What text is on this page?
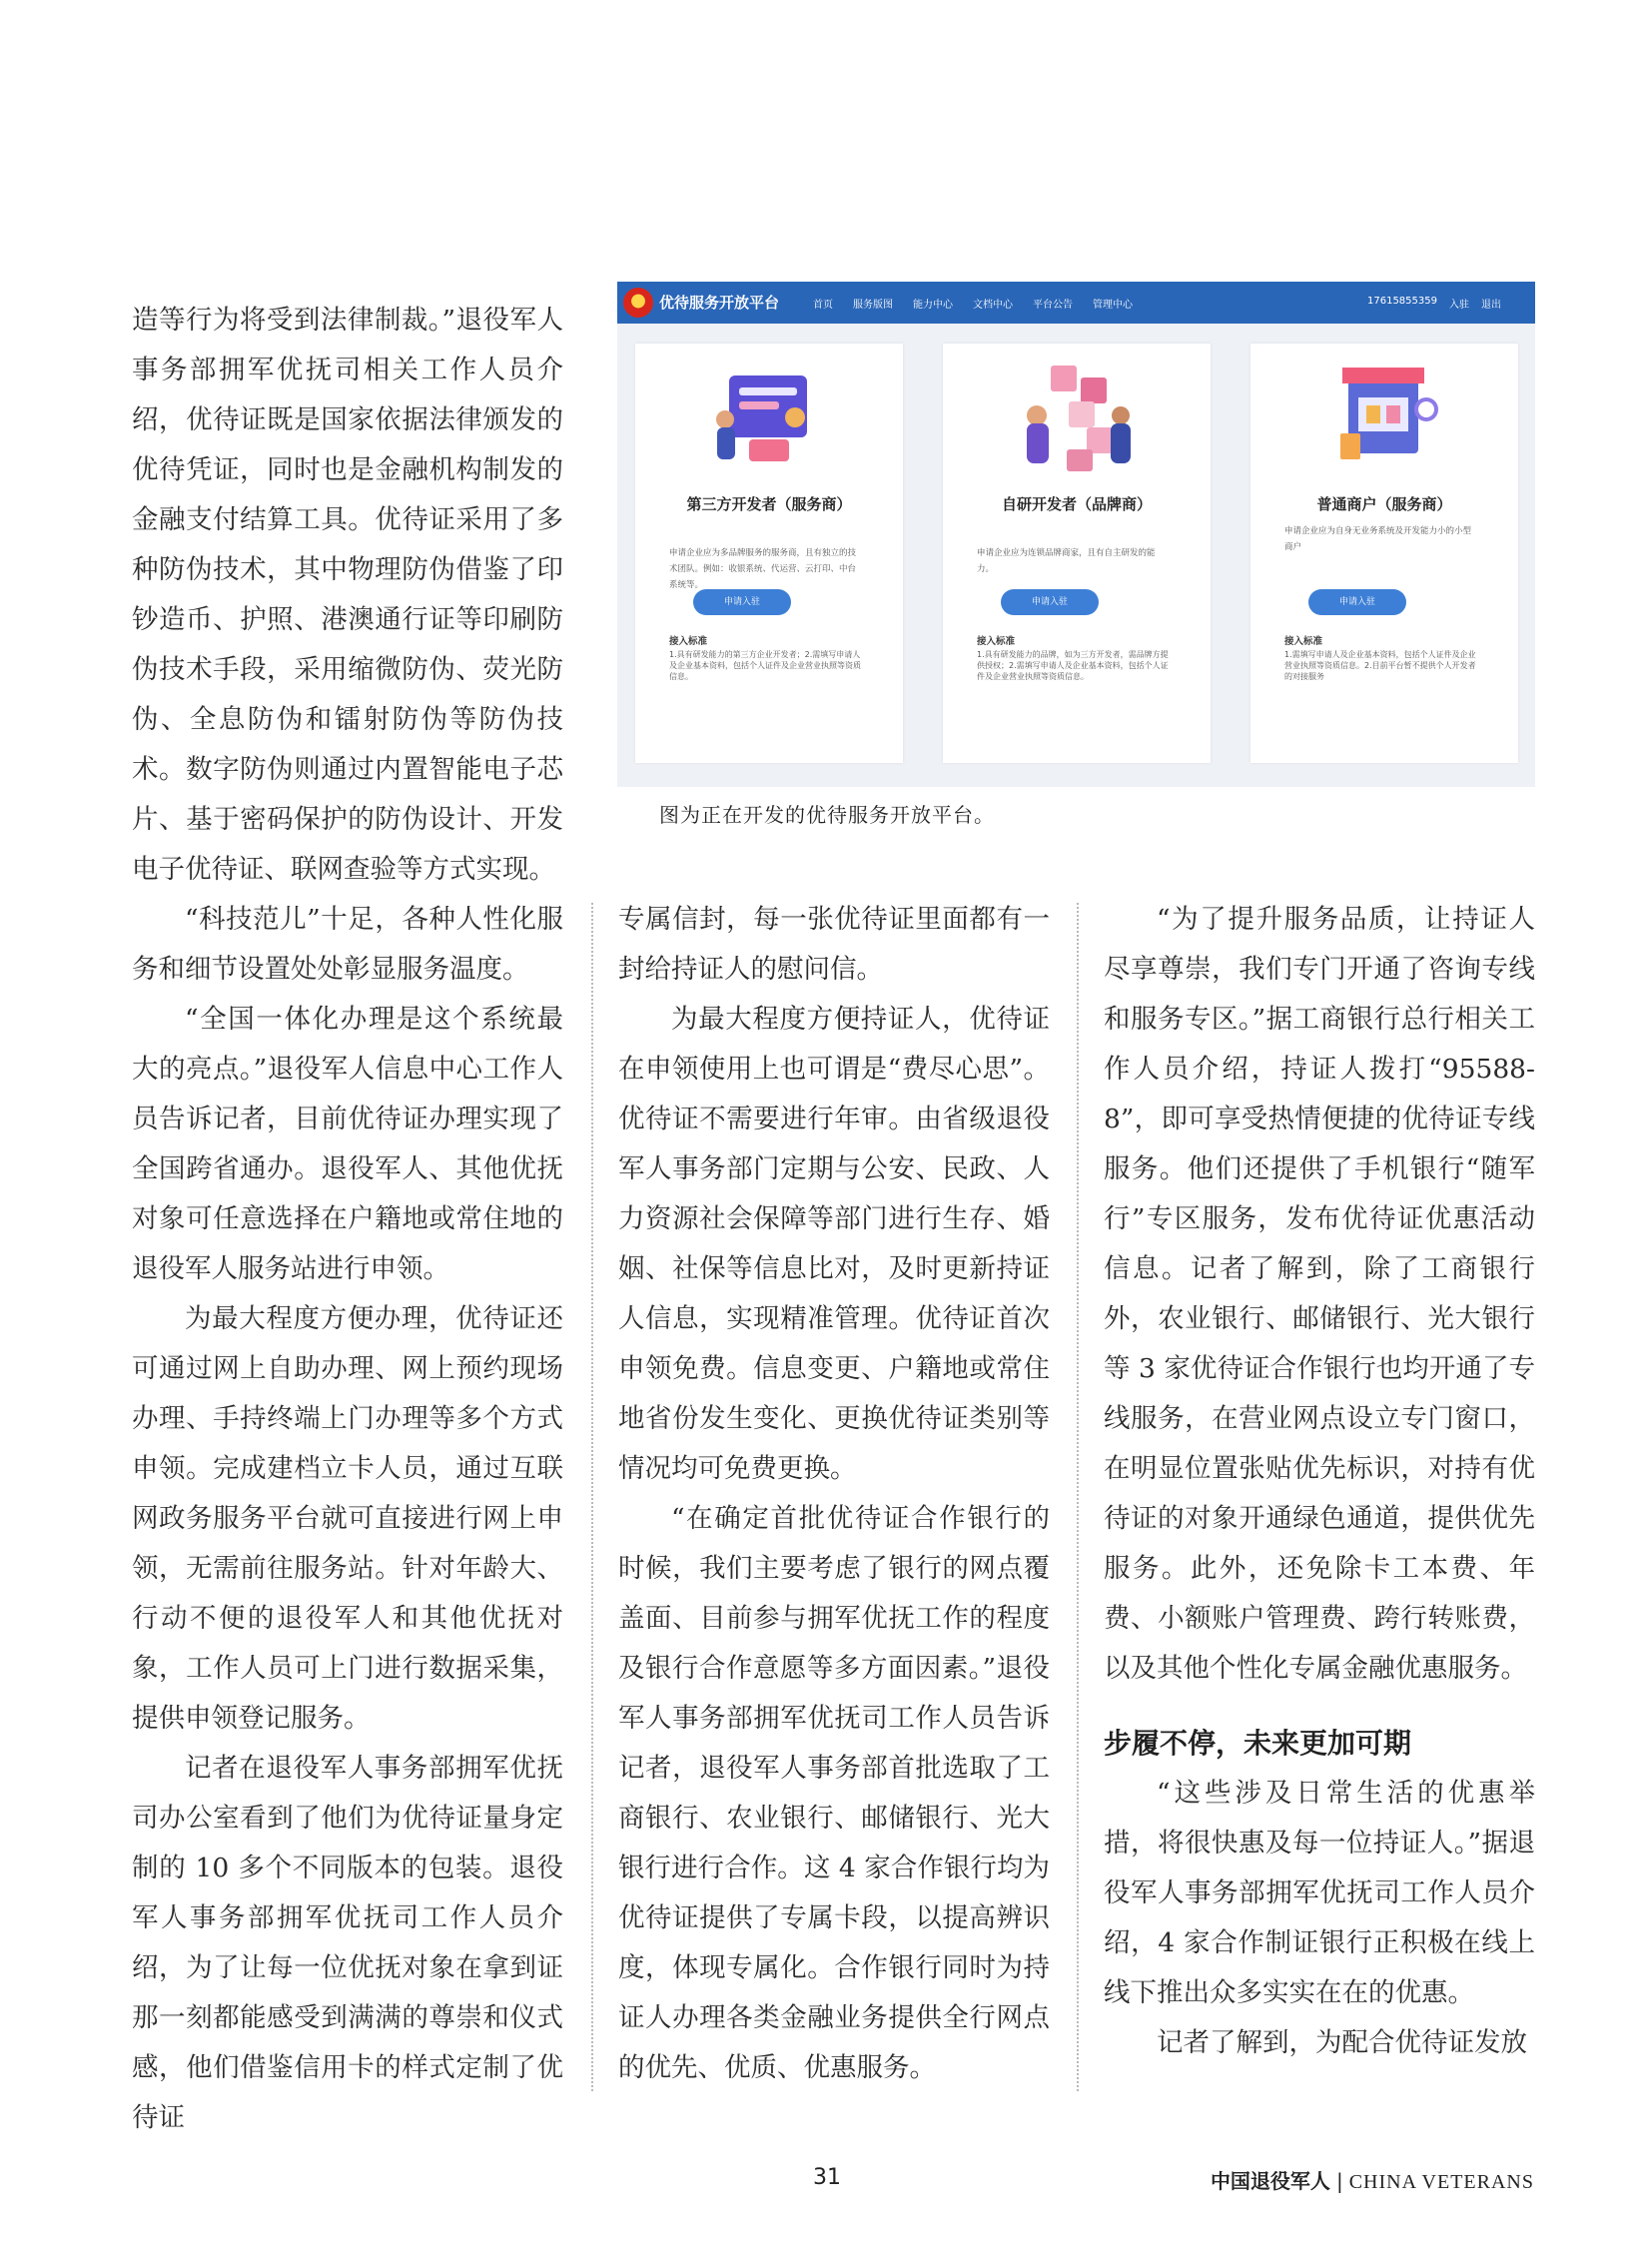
优待服务开放平台	首页 服务版图 能力中心 文档中心 平台公告 管理中心	17615855359 入驻 退出
第三方开发者（服务商）
申请企业应为多品牌服务的服务商，且有独立的技术团队。例如：收银系统、代运营、云打印、中台系统等。
申请入驻
接入标准
1.具有研发能力的第三方企业开发者；2.需填写申请人及企业基本资料，包括个人证件及企业营业执照等资质信息。
自研开发者（品牌商）
申请企业应为连锁品牌商家，且有自主研发的能力。
申请入驻
接入标准
1.具有研发能力的品牌，如为三方开发者，需品牌方提供授权；2.需填写申请人及企业基本资料，包括个人证件及企业营业执照等资质信息。
普通商户（服务商）
申请企业应为自身无业务系统及开发能力小的小型商户
申请入驻
接入标准
1.需填写申请人及企业基本资料，包括个人证件及企业营业执照等资质信息。2.目前平台暂不提供个人开发者的对接服务
图为正在开发的优待服务开放平台。

造等行为将受到法律制裁。”退役军人事务部拥军优抚司相关工作人员介绍，优待证既是国家依据法律颁发的优待凭证，同时也是金融机构制发的金融支付结算工具。优待证采用了多种防伪技术，其中物理防伪借鉴了印钞造币、护照、港澳通行证等印刷防伪技术手段，采用缩微防伪、荧光防伪、全息防伪和镭射防伪等防伪技术。数字防伪则通过内置智能电子芯片、基于密码保护的防伪设计、开发电子优待证、联网查验等方式实现。

“科技范儿”十足，各种人性化服务和细节设置处处彰显服务温度。

“全国一体化办理是这个系统最大的亮点。”退役军人信息中心工作人员告诉记者，目前优待证办理实现了全国跨省通办。退役军人、其他优抚对象可任意选择在户籍地或常住地的退役军人服务站进行申领。

为最大程度方便办理，优待证还可通过网上自助办理、网上预约现场办理、手持终端上门办理等多个方式申领。完成建档立卡人员，通过互联网政务服务平台就可直接进行网上申领，无需前往服务站。针对年龄大、行动不便的退役军人和其他优抚对象，工作人员可上门进行数据采集，提供申领登记服务。

记者在退役军人事务部拥军优抚司办公室看到了他们为优待证量身定制的 10 多个不同版本的包装。退役军人事务部拥军优抚司工作人员介绍，为了让每一位优抚对象在拿到证那一刻都能感受到满满的尊崇和仪式感，他们借鉴信用卡的样式定制了优待证

专属信封，每一张优待证里面都有一封给持证人的慰问信。

为最大程度方便持证人，优待证在申领使用上也可谓是“费尽心思”。优待证不需要进行年审。由省级退役军人事务部门定期与公安、民政、人力资源社会保障等部门进行生存、婚姻、社保等信息比对，及时更新持证人信息，实现精准管理。优待证首次申领免费。信息变更、户籍地或常住地省份发生变化、更换优待证类别等情况均可免费更换。

“在确定首批优待证合作银行的时候，我们主要考虑了银行的网点覆盖面、目前参与拥军优抚工作的程度及银行合作意愿等多方面因素。”退役军人事务部拥军优抚司工作人员告诉记者，退役军人事务部首批选取了工商银行、农业银行、邮储银行、光大银行进行合作。这 4 家合作银行均为优待证提供了专属卡段，以提高辨识度，体现专属化。合作银行同时为持证人办理各类金融业务提供全行网点的优先、优质、优惠服务。

“为了提升服务品质，让持证人尽享尊崇，我们专门开通了咨询专线和服务专区。”据工商银行总行相关工作人员介绍，持证人拨打“95588-8”，即可享受热情便捷的优待证专线服务。他们还提供了手机银行“随军行”专区服务，发布优待证优惠活动信息。记者了解到，除了工商银行外，农业银行、邮储银行、光大银行等 3 家优待证合作银行也均开通了专线服务，在营业网点设立专门窗口，在明显位置张贴优先标识，对持有优待证的对象开通绿色通道，提供优先服务。此外，还免除卡工本费、年费、小额账户管理费、跨行转账费，以及其他个性化专属金融优惠服务。

步履不停，未来更加可期

“这些涉及日常生活的优惠举措，将很快惠及每一位持证人。”据退役军人事务部拥军优抚司工作人员介绍，4 家合作制证银行正积极在线上线下推出众多实实在在的优惠。

记者了解到，为配合优待证发放

31	中国退役军人 | CHINA VETERANS
